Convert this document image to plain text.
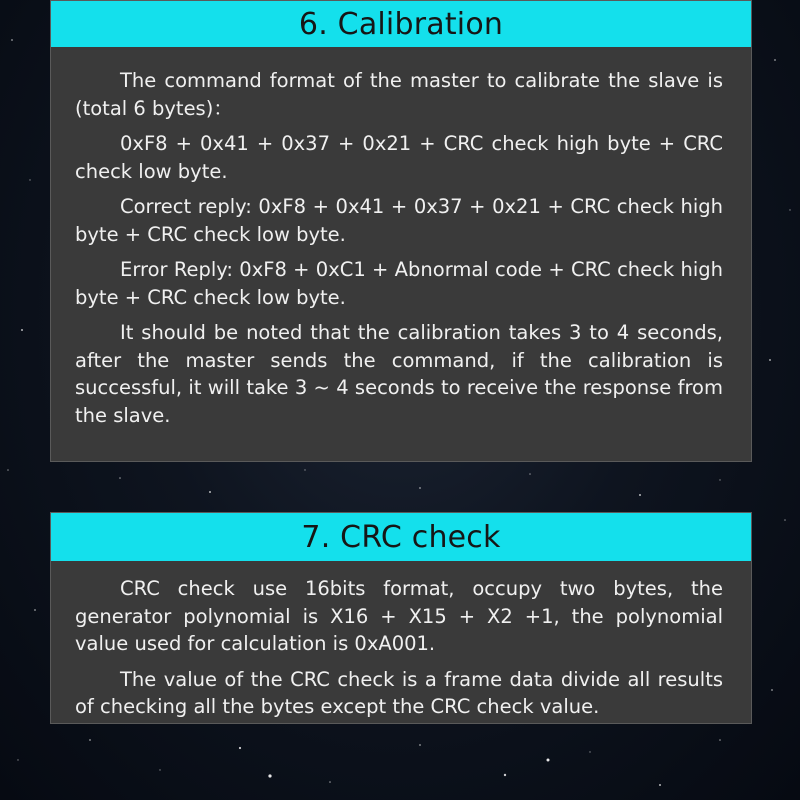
6. Calibration

The command format of the master to calibrate the slave is (total 6 bytes)：

0xF8 + 0x41 + 0x37 + 0x21 + CRC check high byte + CRC check low byte.

Correct reply: 0xF8 + 0x41 + 0x37 + 0x21 + CRC check high byte + CRC check low byte.

Error Reply: 0xF8 + 0xC1 + Abnormal code + CRC check high byte + CRC check low byte.

It should be noted that the calibration takes 3 to 4 seconds, after the master sends the command, if the calibration is successful, it will take 3 ~ 4 seconds to receive the response from the slave.

7. CRC check

CRC check use 16bits format, occupy two bytes, the generator polynomial is X16 + X15 + X2 +1, the polynomial value used for calculation is 0xA001.

The value of the CRC check is a frame data divide all results of checking all the bytes except the CRC check value.
